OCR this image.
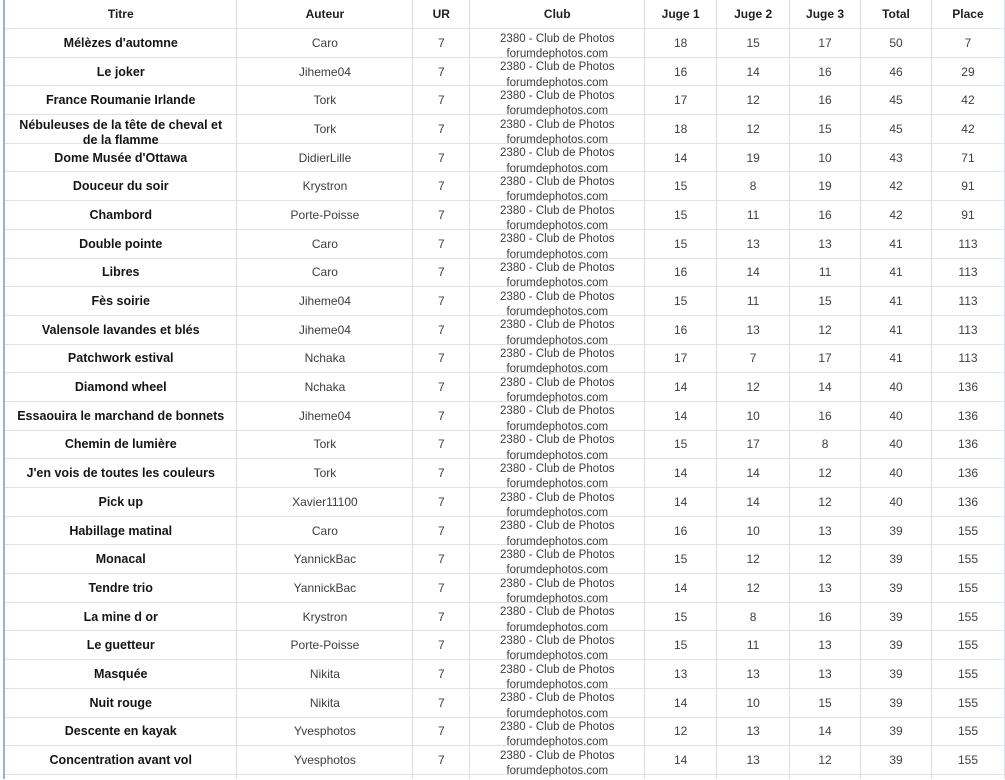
Titre	Auteur	UR	Club	Juge 1	Juge 2	Juge 3	Total	Place
Mélèzes d'automne	Caro	7	2380 - Club de Photos
forumdephotos.com	18	15	17	50	7
Le joker	Jiheme04	7	2380 - Club de Photos
forumdephotos.com	16	14	16	46	29
France Roumanie Irlande	Tork	7	2380 - Club de Photos
forumdephotos.com	17	12	16	45	42

Nébuleuses de la tête de cheval et
de la flamme	Tork	7	2380 - Club de Photos
forumdephotos.com	18	12	15	45	42
Dome Musée d'Ottawa	DidierLille	7	2380 - Club de Photos
forumdephotos.com	14	19	10	43	71
Douceur du soir	Krystron	7	2380 - Club de Photos
forumdephotos.com	15	8	19	42	91
Chambord	Porte-Poisse	7	2380 - Club de Photos
forumdephotos.com	15	11	16	42	91
Double pointe	Caro	7	2380 - Club de Photos
forumdephotos.com	15	13	13	41	113
Libres	Caro	7	2380 - Club de Photos
forumdephotos.com	16	14	11	41	113
Fès soirie	Jiheme04	7	2380 - Club de Photos
forumdephotos.com	15	11	15	41	113
Valensole lavandes et blés	Jiheme04	7	2380 - Club de Photos
forumdephotos.com	16	13	12	41	113
Patchwork estival	Nchaka	7	2380 - Club de Photos
forumdephotos.com	17	7	17	41	113
Diamond wheel	Nchaka	7	2380 - Club de Photos
forumdephotos.com	14	12	14	40	136
Essaouira le marchand de bonnets	Jiheme04	7	2380 - Club de Photos
forumdephotos.com	14	10	16	40	136
Chemin de lumière	Tork	7	2380 - Club de Photos
forumdephotos.com	15	17	8	40	136
J'en vois de toutes les couleurs	Tork	7	2380 - Club de Photos
forumdephotos.com	14	14	12	40	136
Pick up	Xavier11100	7	2380 - Club de Photos
forumdephotos.com	14	14	12	40	136
Habillage matinal	Caro	7	2380 - Club de Photos
forumdephotos.com	16	10	13	39	155
Monacal	YannickBac	7	2380 - Club de Photos
forumdephotos.com	15	12	12	39	155
Tendre trio	YannickBac	7	2380 - Club de Photos
forumdephotos.com	14	12	13	39	155
La mine d or	Krystron	7	2380 - Club de Photos
forumdephotos.com	15	8	16	39	155
Le guetteur	Porte-Poisse	7	2380 - Club de Photos
forumdephotos.com	15	11	13	39	155
Masquée	Nikita	7	2380 - Club de Photos
forumdephotos.com	13	13	13	39	155
Nuit rouge	Nikita	7	2380 - Club de Photos
forumdephotos.com	14	10	15	39	155
Descente en kayak	Yvesphotos	7	2380 - Club de Photos
forumdephotos.com	12	13	14	39	155
Concentration avant vol	Yvesphotos	7	2380 - Club de Photos
forumdephotos.com	14	13	12	39	155
